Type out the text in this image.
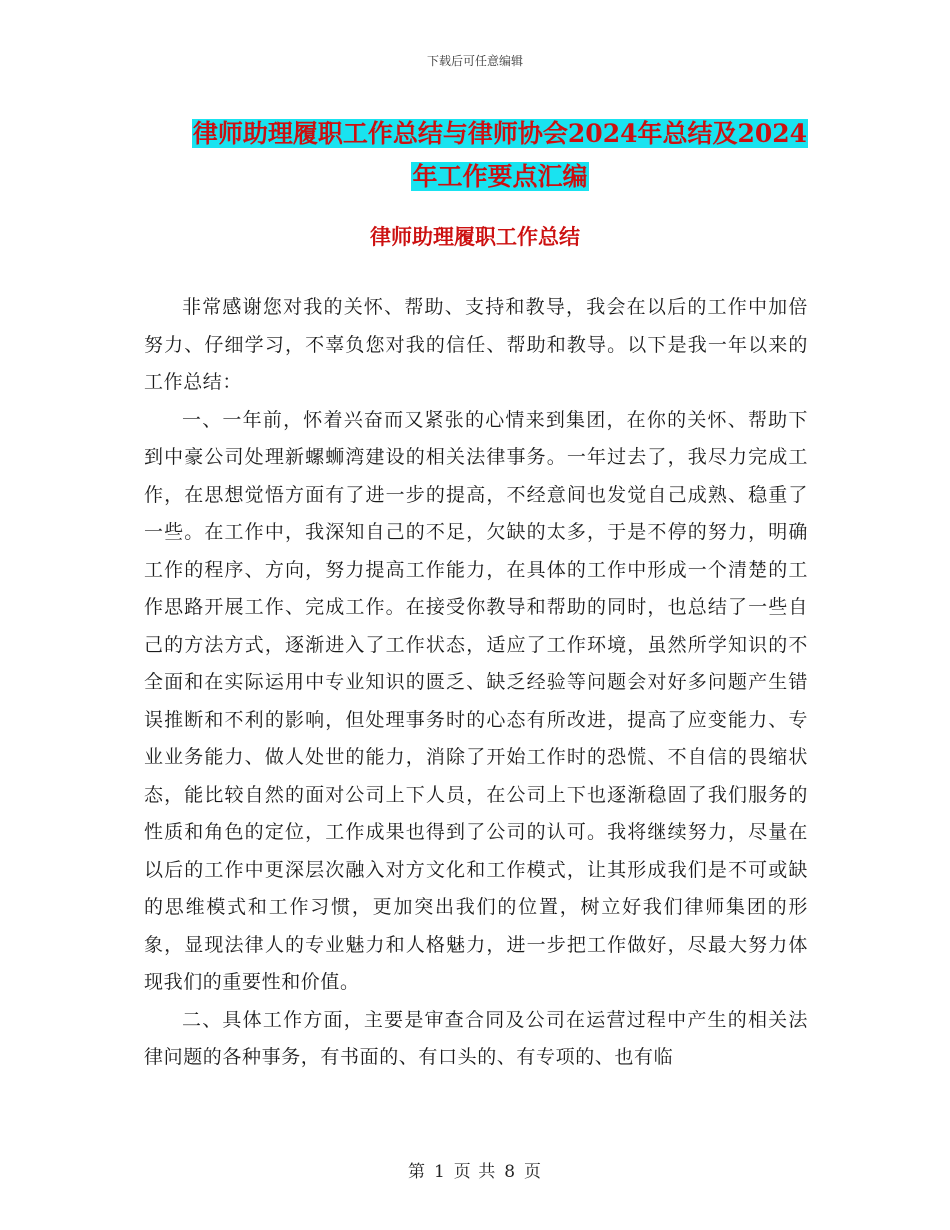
下载后可任意编辑
律师助理履职工作总结与律师协会2024年总结及2024
年工作要点汇编
律师助理履职工作总结

非常感谢您对我的关怀、帮助、支持和教导，我会在以后的工作中加倍努力、仔细学习，不辜负您对我的信任、帮助和教导。以下是我一年以来的工作总结：

一、一年前，怀着兴奋而又紧张的心情来到集团，在你的关怀、帮助下到中豪公司处理新螺蛳湾建设的相关法律事务。一年过去了，我尽力完成工作，在思想觉悟方面有了进一步的提高，不经意间也发觉自己成熟、稳重了一些。在工作中，我深知自己的不足，欠缺的太多，于是不停的努力，明确工作的程序、方向，努力提高工作能力，在具体的工作中形成一个清楚的工作思路开展工作、完成工作。在接受你教导和帮助的同时，也总结了一些自己的方法方式，逐渐进入了工作状态，适应了工作环境，虽然所学知识的不全面和在实际运用中专业知识的匮乏、缺乏经验等问题会对好多问题产生错误推断和不利的影响，但处理事务时的心态有所改进，提高了应变能力、专业业务能力、做人处世的能力，消除了开始工作时的恐慌、不自信的畏缩状态，能比较自然的面对公司上下人员，在公司上下也逐渐稳固了我们服务的性质和角色的定位，工作成果也得到了公司的认可。我将继续努力，尽量在以后的工作中更深层次融入对方文化和工作模式，让其形成我们是不可或缺的思维模式和工作习惯，更加突出我们的位置，树立好我们律师集团的形象，显现法律人的专业魅力和人格魅力，进一步把工作做好，尽最大努力体现我们的重要性和价值。

二、具体工作方面，主要是审查合同及公司在运营过程中产生的相关法律问题的各种事务，有书面的、有口头的、有专项的、也有临

第 1 页 共 8 页
